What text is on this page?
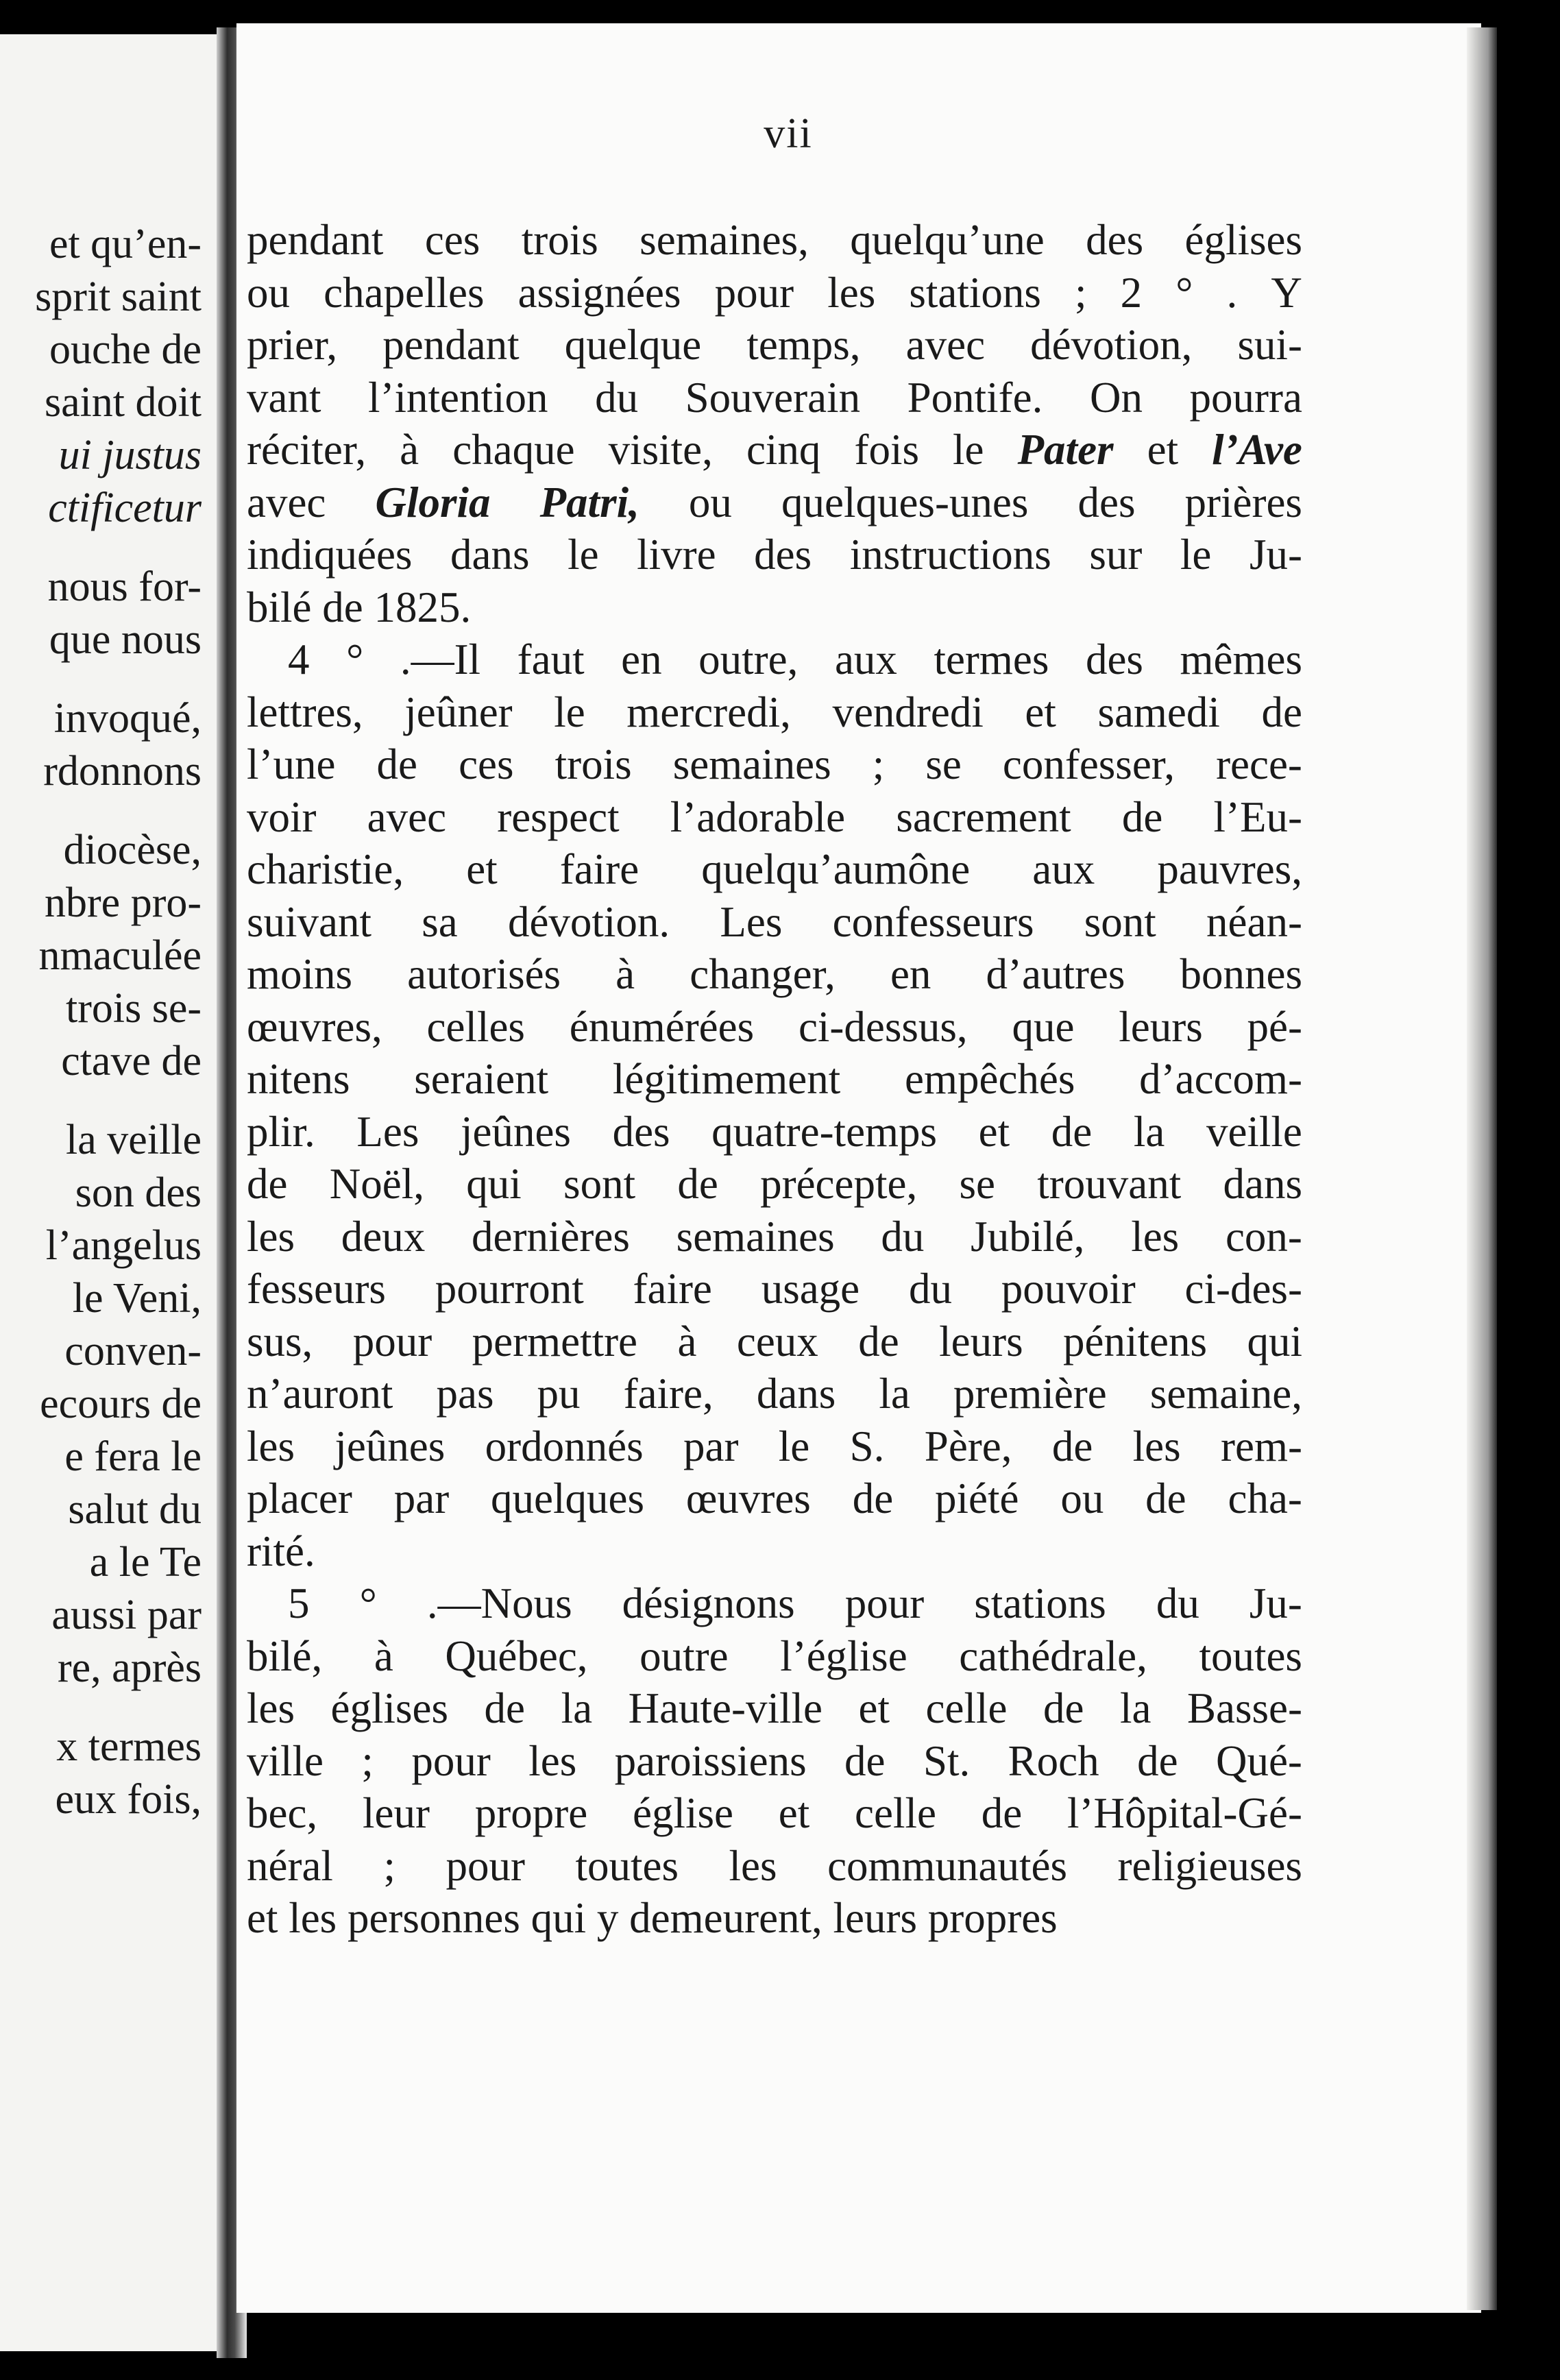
et qu’en-
sprit saint
ouche de
saint doit
ui justus
ctificetur
nous for-
que nous
invoqué,
rdonnons
diocèse,
nbre pro-
nmaculée
trois se-
ctave de
la veille
son des
l’angelus
le Veni,
conven-
ecours de
e fera le
salut du
a le Te
aussi par
re, après
x termes
eux fois,
vii
pendant ces trois semaines, quelqu’une des églises
ou chapelles assignées pour les stations ; 2 ° . Y
prier, pendant quelque temps, avec dévotion, sui-
vant l’intention du Souverain Pontife. On pourra
réciter, à chaque visite, cinq fois le Pater et l’Ave
avec Gloria Patri, ou quelques-unes des prières
indiquées dans le livre des instructions sur le Ju-
bilé de 1825.
4 ° .—Il faut en outre, aux termes des mêmes
lettres, jeûner le mercredi, vendredi et samedi de
l’une de ces trois semaines ; se confesser, rece-
voir avec respect l’adorable sacrement de l’Eu-
charistie, et faire quelqu’aumône aux pauvres,
suivant sa dévotion. Les confesseurs sont néan-
moins autorisés à changer, en d’autres bonnes
œuvres, celles énumérées ci-dessus, que leurs pé-
nitens seraient légitimement empêchés d’accom-
plir. Les jeûnes des quatre-temps et de la veille
de Noël, qui sont de précepte, se trouvant dans
les deux dernières semaines du Jubilé, les con-
fesseurs pourront faire usage du pouvoir ci-des-
sus, pour permettre à ceux de leurs pénitens qui
n’auront pas pu faire, dans la première semaine,
les jeûnes ordonnés par le S. Père, de les rem-
placer par quelques œuvres de piété ou de cha-
rité.
5 ° .—Nous désignons pour stations du Ju-
bilé, à Québec, outre l’église cathédrale, toutes
les églises de la Haute-ville et celle de la Basse-
ville ; pour les paroissiens de St. Roch de Qué-
bec, leur propre église et celle de l’Hôpital-Gé-
néral ; pour toutes les communautés religieuses
et les personnes qui y demeurent, leurs propres
